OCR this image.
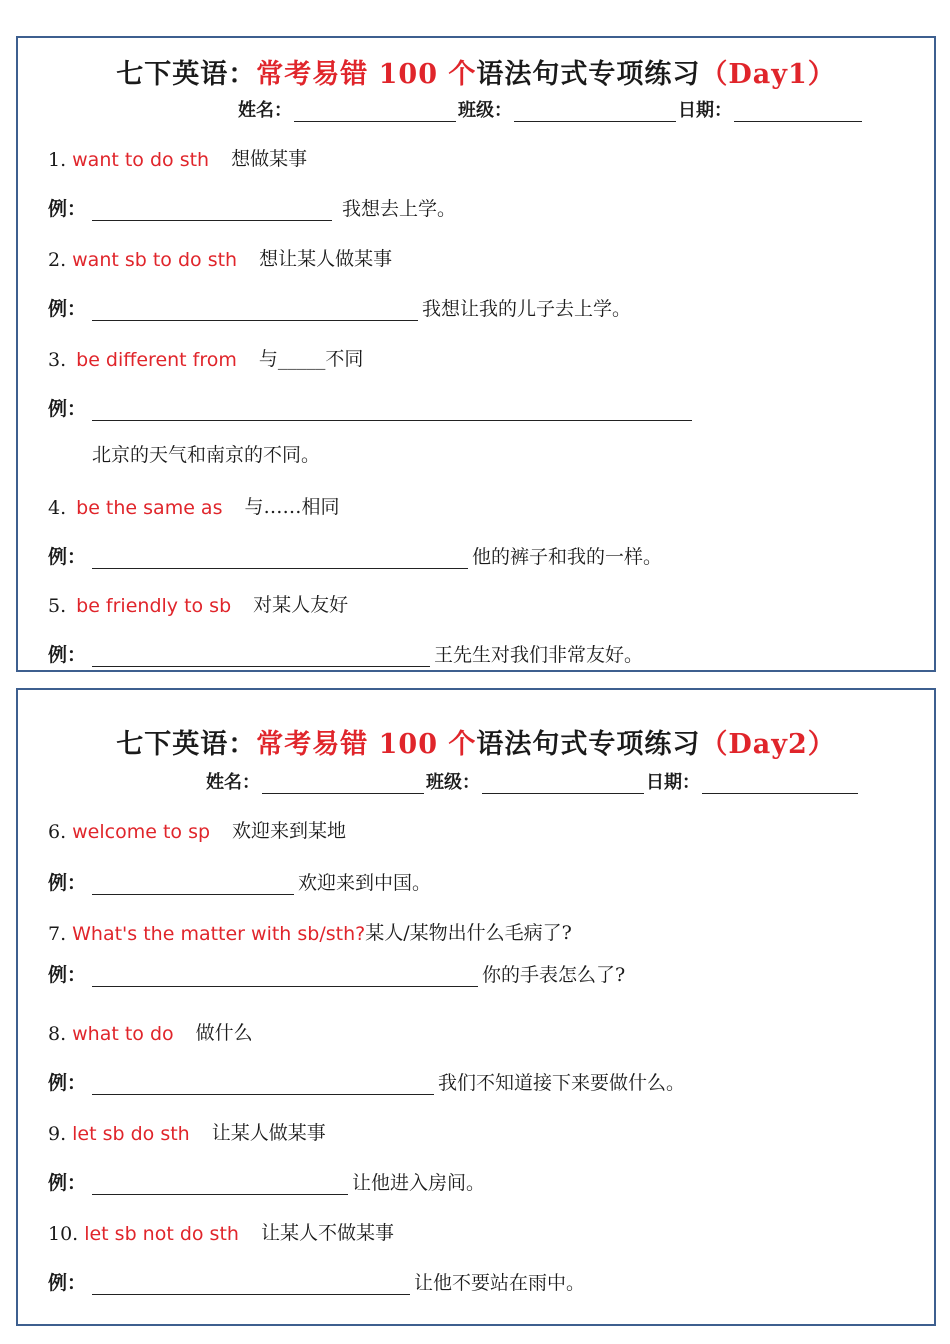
七下英语：常考易错 100 个语法句式专项练习（Day1）
姓名：	班级：	日期：
1. want to do sth 想做某事
例：	我想去上学。
2. want sb to do sth 想让某人做某事
例：	我想让我的儿子去上学。
3. be different from 与_____不同
例：
北京的天气和南京的不同。
4. be the same as 与……相同
例：	他的裤子和我的一样。
5. be friendly to sb 对某人友好
例：	王先生对我们非常友好。
七下英语：常考易错 100 个语法句式专项练习（Day2）
姓名：	班级：	日期：
6. welcome to sp 欢迎来到某地
例：	欢迎来到中国。
7. What's the matter with sb/sth? 某人/某物出什么毛病了?
例：	你的手表怎么了?
8. what to do 做什么
例：	我们不知道接下来要做什么。
9. let sb do sth 让某人做某事
例：	让他进入房间。
10. let sb not do sth 让某人不做某事
例：	让他不要站在雨中。
